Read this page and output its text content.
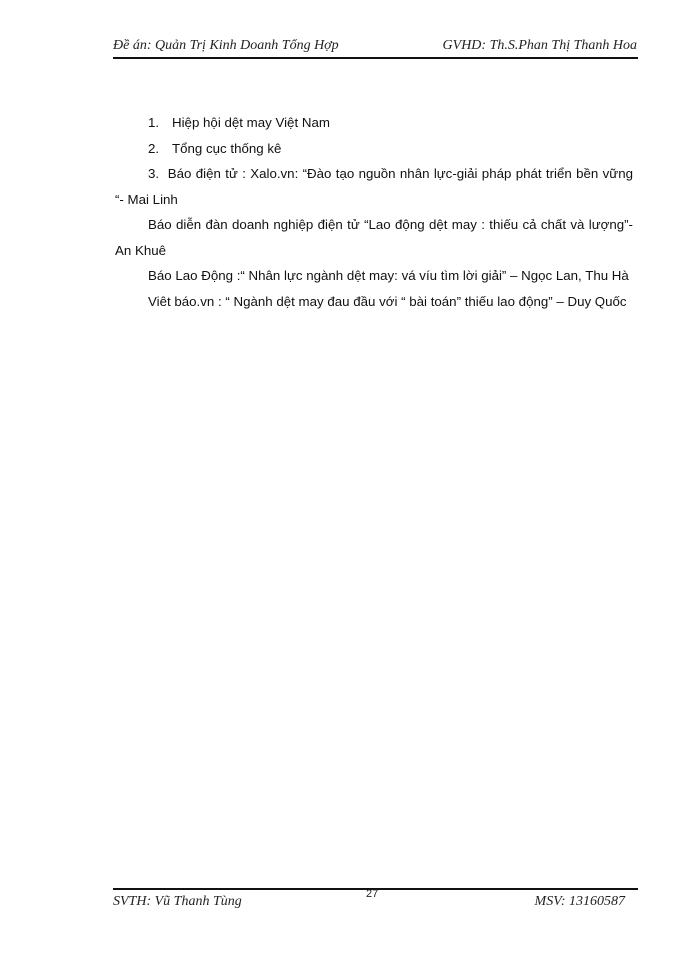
Đề án: Quản Trị Kinh Doanh Tổng Hợp	GVHD: Th.S.Phan Thị Thanh Hoa
1. Hiệp hội dệt may Việt Nam
2. Tổng cục thống kê
3. Báo điện tử : Xalo.vn: “Đào tạo nguồn nhân lực-giải pháp phát triển bền vững “- Mai Linh
Báo diễn đàn doanh nghiệp điện tử “Lao động dệt may : thiếu cả chất và lượng”- An Khuê
Báo Lao Động :“ Nhân lực ngành dệt may: vá víu tìm lời giải” – Ngọc Lan, Thu Hà
Viêt báo.vn : “ Ngành dệt may đau đầu với “ bài toán” thiếu lao động” – Duy Quốc
SVTH: Vũ Thanh Tùng	27	MSV: 13160587
